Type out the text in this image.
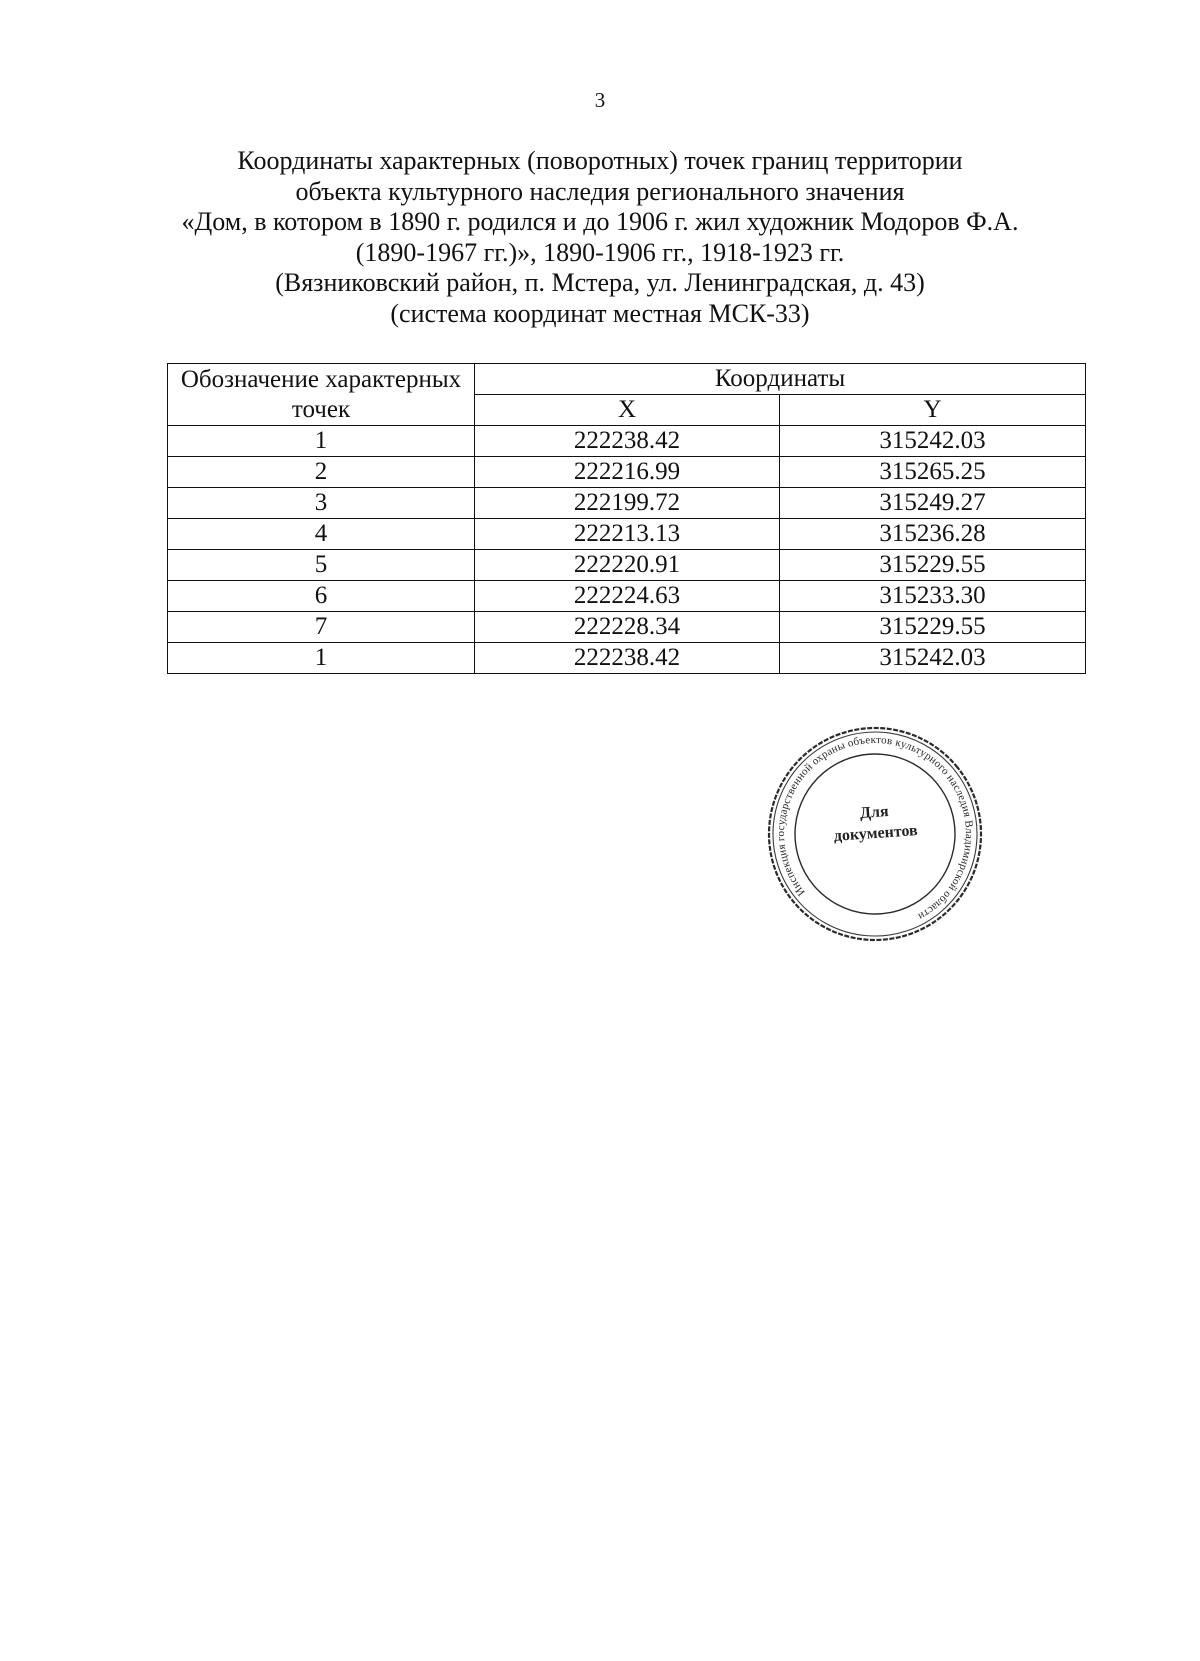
3
Координаты характерных (поворотных) точек границ территории
объекта культурного наследия регионального значения
«Дом, в котором в 1890 г. родился и до 1906 г. жил художник Модоров Ф.А.
(1890-1967 гг.)», 1890-1906 гг., 1918-1923 гг.
(Вязниковский район, п. Мстера, ул. Ленинградская, д. 43)
(система координат местная МСК-33)
Обозначение характерных точек	Координаты	
	X	Y
1	222238.42	315242.03
2	222216.99	315265.25
3	222199.72	315249.27
4	222213.13	315236.28
5	222220.91	315229.55
6	222224.63	315233.30
7	222228.34	315229.55
1	222238.42	315242.03
Инспекция государственной охраны объектов культурного наследия Владимирской области
Для
документов
